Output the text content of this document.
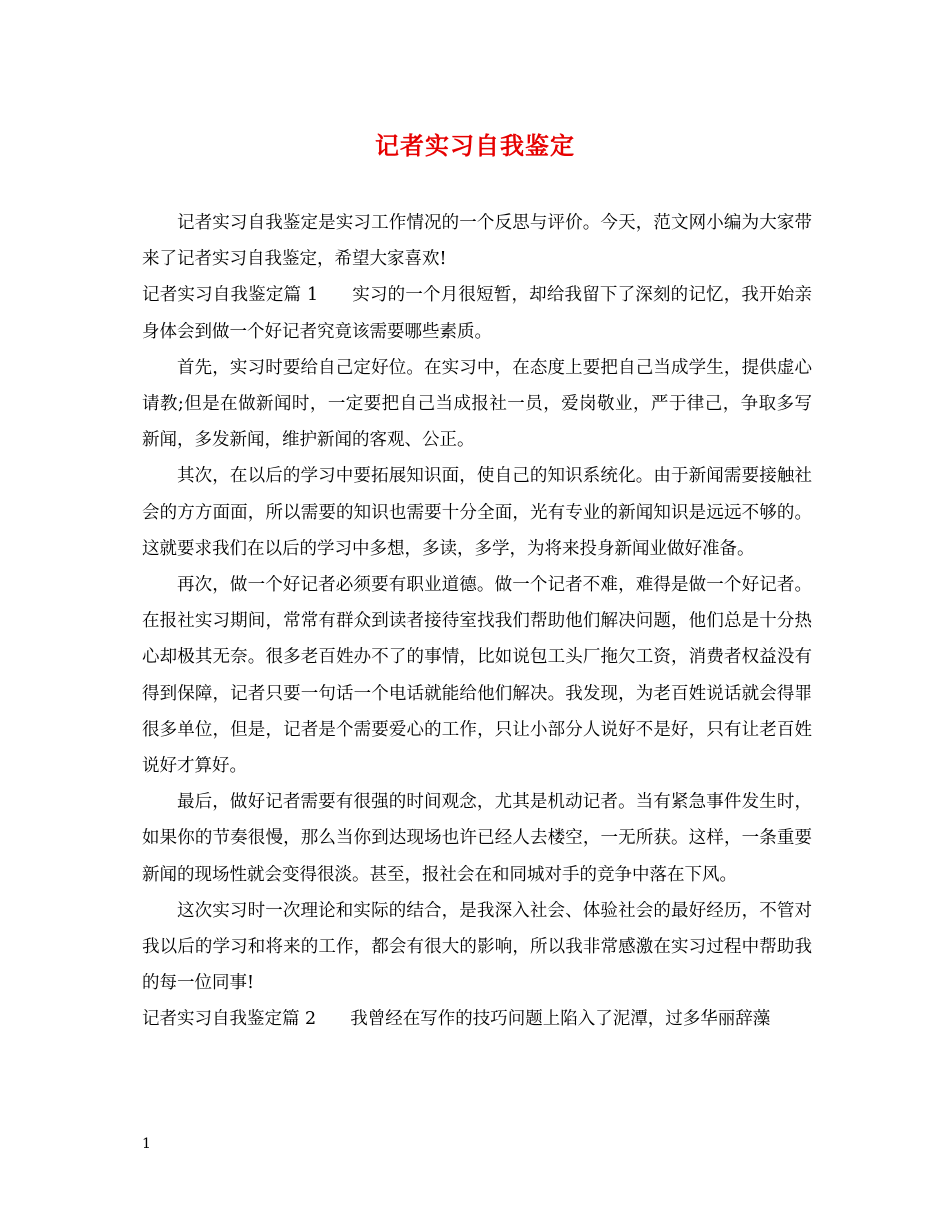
记者实习自我鉴定

记者实习自我鉴定是实习工作情况的一个反思与评价。今天，范文网小编为大家带来了记者实习自我鉴定，希望大家喜欢!

记者实习自我鉴定篇 1 实习的一个月很短暂，却给我留下了深刻的记忆，我开始亲身体会到做一个好记者究竟该需要哪些素质。

首先，实习时要给自己定好位。在实习中，在态度上要把自己当成学生，提供虚心请教;但是在做新闻时，一定要把自己当成报社一员，爱岗敬业，严于律己，争取多写新闻，多发新闻，维护新闻的客观、公正。

其次，在以后的学习中要拓展知识面，使自己的知识系统化。由于新闻需要接触社会的方方面面，所以需要的知识也需要十分全面，光有专业的新闻知识是远远不够的。这就要求我们在以后的学习中多想，多读，多学，为将来投身新闻业做好准备。

再次，做一个好记者必须要有职业道德。做一个记者不难，难得是做一个好记者。在报社实习期间，常常有群众到读者接待室找我们帮助他们解决问题，他们总是十分热心却极其无奈。很多老百姓办不了的事情，比如说包工头厂拖欠工资，消费者权益没有得到保障，记者只要一句话一个电话就能给他们解决。我发现，为老百姓说话就会得罪很多单位，但是，记者是个需要爱心的工作，只让小部分人说好不是好，只有让老百姓说好才算好。

最后，做好记者需要有很强的时间观念，尤其是机动记者。当有紧急事件发生时，如果你的节奏很慢，那么当你到达现场也许已经人去楼空，一无所获。这样，一条重要新闻的现场性就会变得很淡。甚至，报社会在和同城对手的竞争中落在下风。

这次实习时一次理论和实际的结合，是我深入社会、体验社会的最好经历，不管对我以后的学习和将来的工作，都会有很大的影响，所以我非常感激在实习过程中帮助我的每一位同事!

记者实习自我鉴定篇 2 我曾经在写作的技巧问题上陷入了泥潭，过多华丽辞藻

1
